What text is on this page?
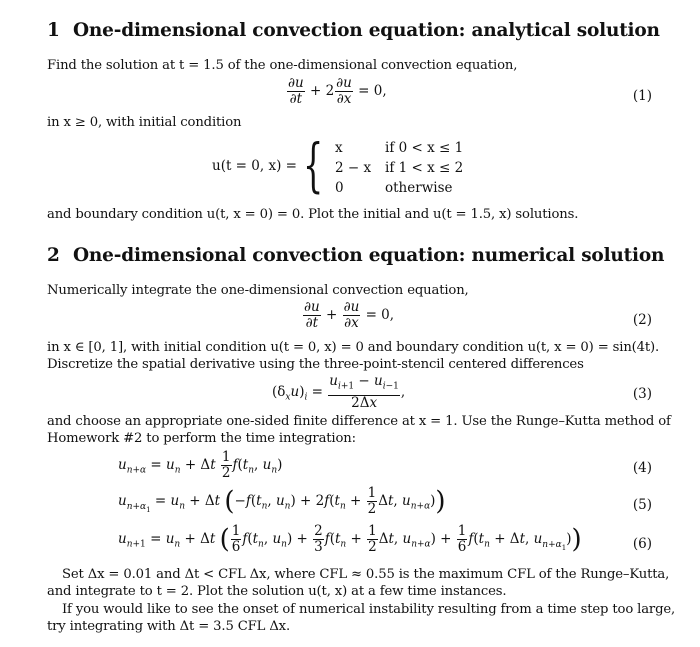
1 One-dimensional convection equation: analytical solution
Find the solution at t = 1.5 of the one-dimensional convection equation,
$\frac{\partial u}{\partial t} + 2 \frac{\partial u}{\partial x} = 0$,	(1)
in x ≥ 0, with initial condition
u(t = 0, x) = { x	if 0 < x ≤ 1
2 − x if 1 < x ≤ 2
0	otherwise
and boundary condition u(t, x = 0) = 0. Plot the initial and u(t = 1.5, x) solutions.
2 One-dimensional convection equation: numerical solution
Numerically integrate the one-dimensional convection equation,
$\frac{\partial u}{\partial t} + \frac{\partial u}{\partial x} = 0$,	(2)
in x ∈ [0, 1], with initial condition u(t = 0, x) = 0 and boundary condition u(t, x = 0) = sin(4t).
Discretize the spatial derivative using the three-point-stencil centered differences
$(\delta_xu)_i = \frac{u_{i+1} - u_{i-1}}{2\Delta x}$ ,	(3)
and choose an appropriate one-sided finite difference at x = 1. Use the Runge–Kutta method of
Homework #2 to perform the time integration:
$u_{n+\alpha} = u_n + \Delta t \frac{1}{2} f(t_n$, $u_n$)	(4)
$u_{n+\alpha_1} = u_n + \Delta t$ ($-f(t_n$, $u_n) + 2f(t_n + \frac{1}{2} \Delta t$, $u_{n+\alpha}$))	(5)
$u_{n+1} = u_n + \Delta t$ ( $\frac{1}{6} f(t_n$, $u_n) + \frac{2}{3} f(t_n + \frac{1}{2} \Delta t$, $u_{n+\alpha}) + \frac{1}{6} f(t_n + \Delta t$, $u_{n+\alpha_1}$))	(6)
Set Δx = 0.01 and Δt < CFL Δx, where CFL ≈ 0.55 is the maximum CFL of the Runge–Kutta,
and integrate to t = 2. Plot the solution u(t, x) at a few time instances.
If you would like to see the onset of numerical instability resulting from a time step too large,
try integrating with Δt = 3.5 CFL Δx.
